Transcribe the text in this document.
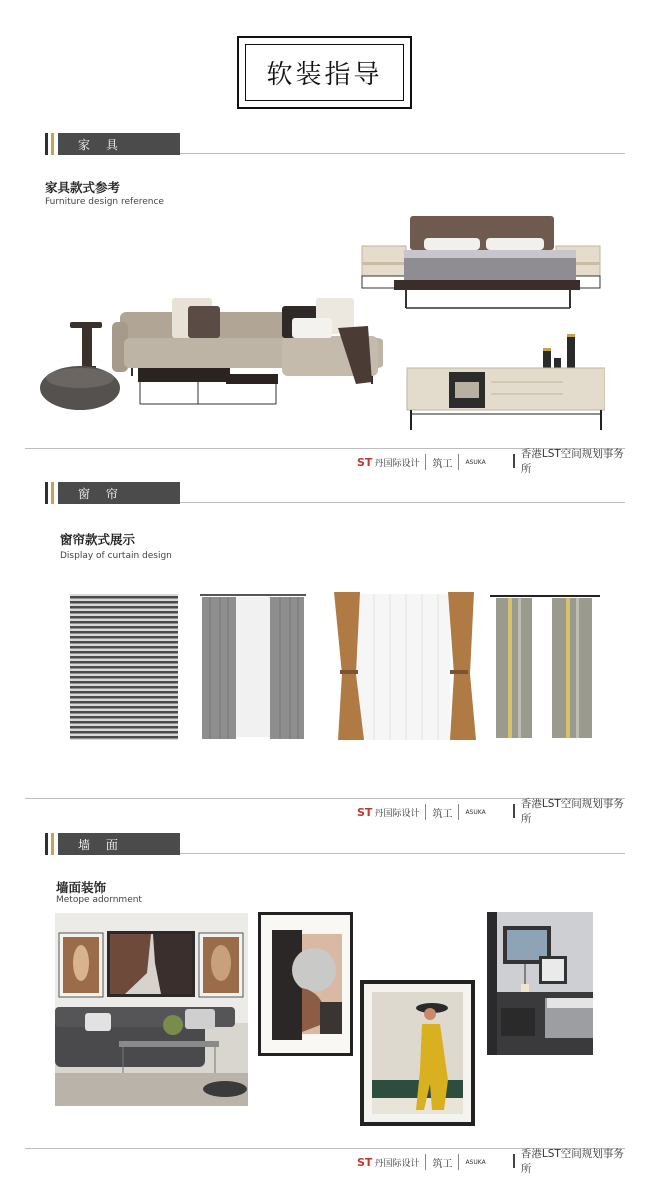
软装指导
家 具
家具款式参考
Furniture design reference
ST 丹国际设计 筑工 ASUKA
香港LST空间规划事务所
窗 帘
窗帘款式展示
Display of curtain design
ST 丹国际设计 筑工 ASUKA
香港LST空间规划事务所
墙 面
墙面装饰
Metope adornment
ST 丹国际设计 筑工 ASUKA
香港LST空间规划事务所
